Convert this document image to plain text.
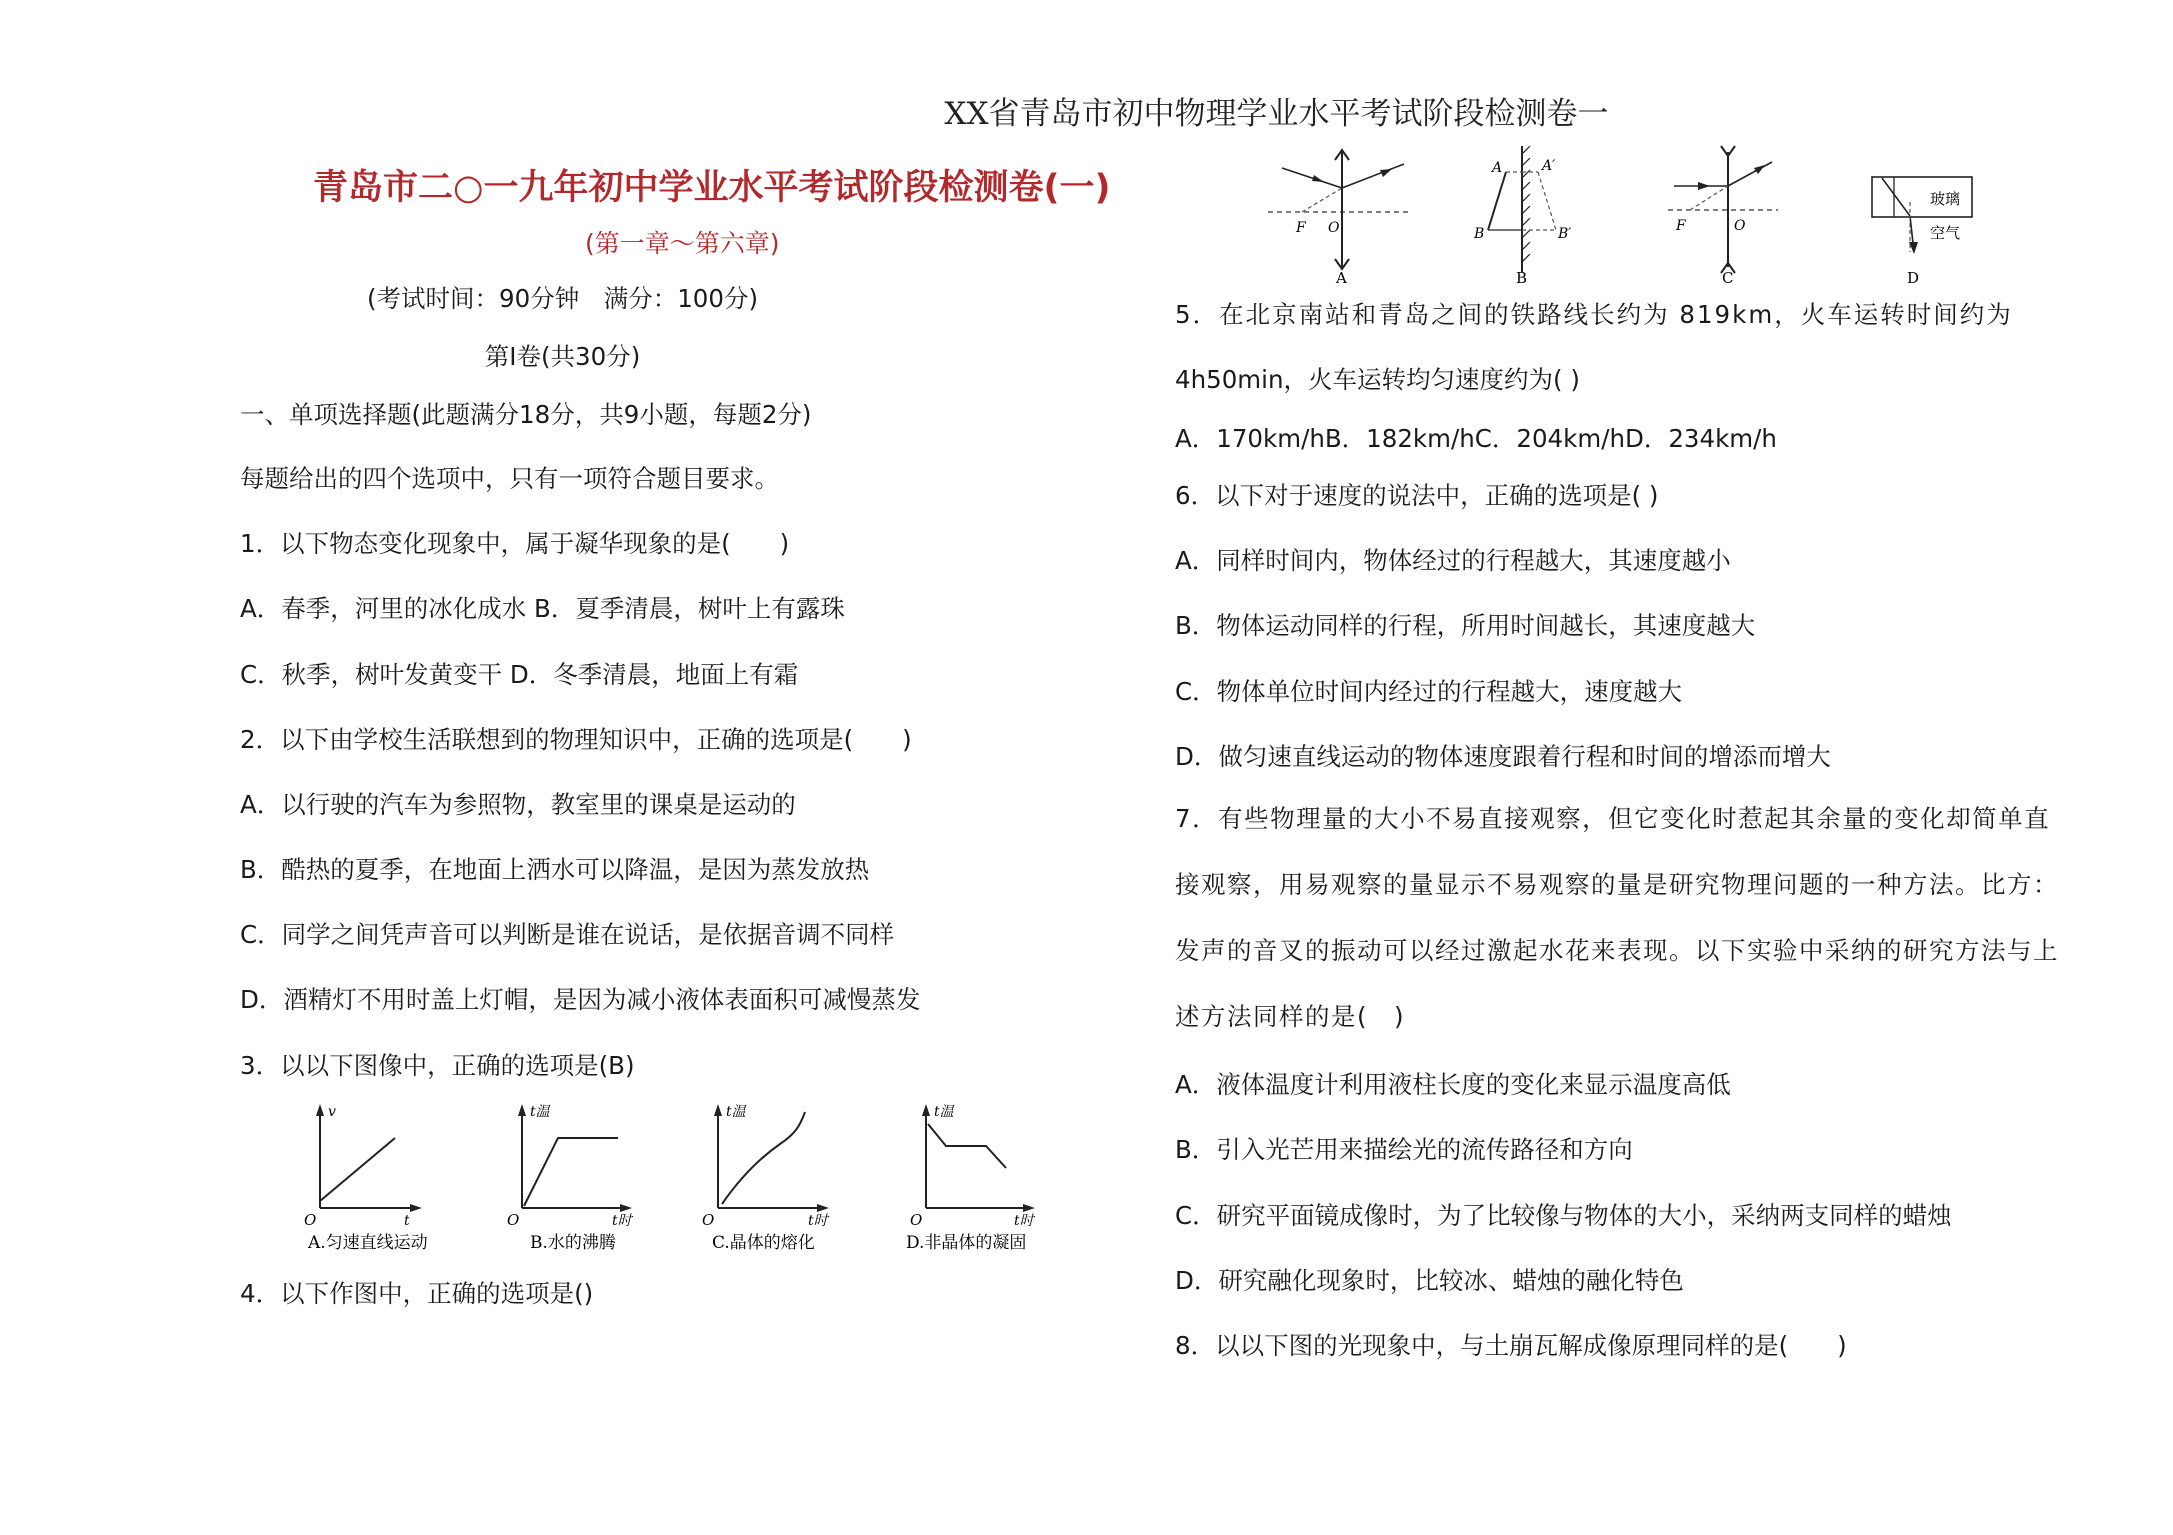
XX省青岛市初中物理学业水平考试阶段检测卷一
青岛市二○一九年初中学业水平考试阶段检测卷(一)
(第一章～第六章)
(考试时间：90分钟　满分：100分)
第Ⅰ卷(共30分)
一、单项选择题(此题满分18分，共9小题，每题2分)
每题给出的四个选项中，只有一项符合题目要求。
1．以下物态变化现象中，属于凝华现象的是(　　)
A．春季，河里的冰化成水 B．夏季清晨，树叶上有露珠
C．秋季，树叶发黄变干 D．冬季清晨，地面上有霜
2．以下由学校生活联想到的物理知识中，正确的选项是(　　)
A．以行驶的汽车为参照物，教室里的课桌是运动的
B．酷热的夏季，在地面上洒水可以降温，是因为蒸发放热
C．同学之间凭声音可以判断是谁在说话，是依据音调不同样
D．酒精灯不用时盖上灯帽，是因为减小液体表面积可减慢蒸发
3．以以下图像中，正确的选项是(B)
O
v
t
A.匀速直线运动
O
t温
t时
B.水的沸腾
O
t温
t时
C.晶体的熔化
O
t温
t时
D.非晶体的凝固
4．以下作图中，正确的选项是()
F O
A
A	A′
B	B′
B
F	O
C
玻璃
空气
D
5．在北京南站和青岛之间的铁路线长约为 819km，火车运转时间约为
4h50min，火车运转均匀速度约为( )
A．170km/hB．182km/hC．204km/hD．234km/h
6．以下对于速度的说法中，正确的选项是( )
A．同样时间内，物体经过的行程越大，其速度越小
B．物体运动同样的行程，所用时间越长，其速度越大
C．物体单位时间内经过的行程越大，速度越大
D．做匀速直线运动的物体速度跟着行程和时间的增添而增大
7．有些物理量的大小不易直接观察，但它变化时惹起其余量的变化却简单直接观察，用易观察的量显示不易观察的量是研究物理问题的一种方法。比方：发声的音叉的振动可以经过激起水花来表现。以下实验中采纳的研究方法与上述方法同样的是(　)
A．液体温度计利用液柱长度的变化来显示温度高低
B．引入光芒用来描绘光的流传路径和方向
C．研究平面镜成像时，为了比较像与物体的大小，采纳两支同样的蜡烛
D．研究融化现象时，比较冰、蜡烛的融化特色
8．以以下图的光现象中，与土崩瓦解成像原理同样的是(　　)
